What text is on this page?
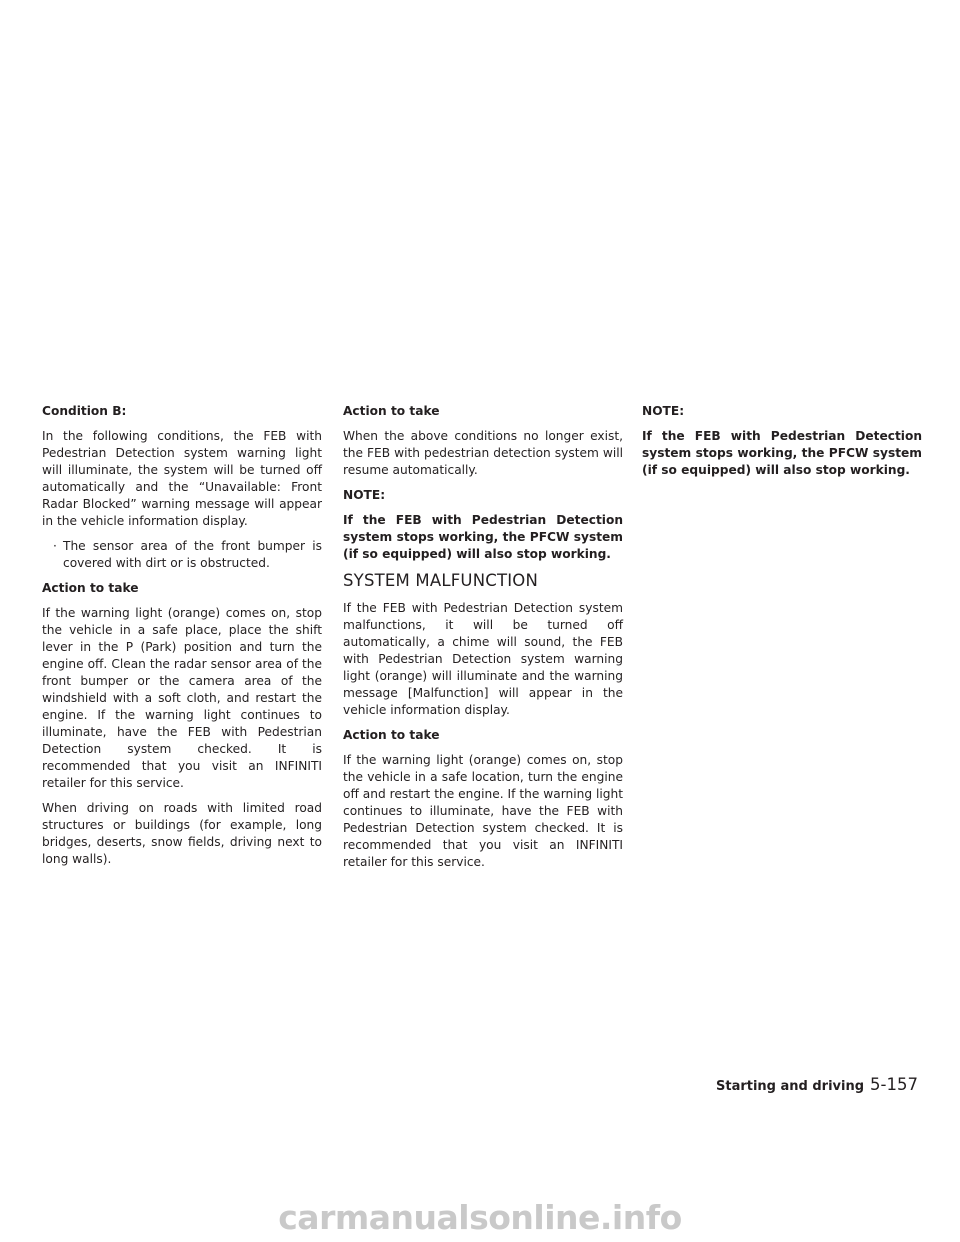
Condition B:

In the following conditions, the FEB with Pedestrian Detection system warning light will illuminate, the system will be turned off automatically and the “Unavailable: Front Radar Blocked” warning message will appear in the vehicle information display.

· The sensor area of the front bumper is covered with dirt or is obstructed.

Action to take

If the warning light (orange) comes on, stop the vehicle in a safe place, place the shift lever in the P (Park) position and turn the engine off. Clean the radar sensor area of the front bumper or the camera area of the windshield with a soft cloth, and restart the engine. If the warning light continues to illuminate, have the FEB with Pedestrian Detection system checked. It is recommended that you visit an INFINITI retailer for this service.

When driving on roads with limited road structures or buildings (for example, long bridges, deserts, snow fields, driving next to long walls).

Action to take

When the above conditions no longer exist, the FEB with pedestrian detection system will resume automatically.

NOTE:

If the FEB with Pedestrian Detection system stops working, the PFCW system (if so equipped) will also stop working.

SYSTEM MALFUNCTION

If the FEB with Pedestrian Detection system malfunctions, it will be turned off automatically, a chime will sound, the FEB with Pedestrian Detection system warning light (orange) will illuminate and the warning message [Malfunction] will appear in the vehicle information display.

Action to take

If the warning light (orange) comes on, stop the vehicle in a safe location, turn the engine off and restart the engine. If the warning light continues to illuminate, have the FEB with Pedestrian Detection system checked. It is recommended that you visit an INFINITI retailer for this service.

NOTE:

If the FEB with Pedestrian Detection system stops working, the PFCW system (if so equipped) will also stop working.

Starting and driving 5-157
carmanualsonline.info
